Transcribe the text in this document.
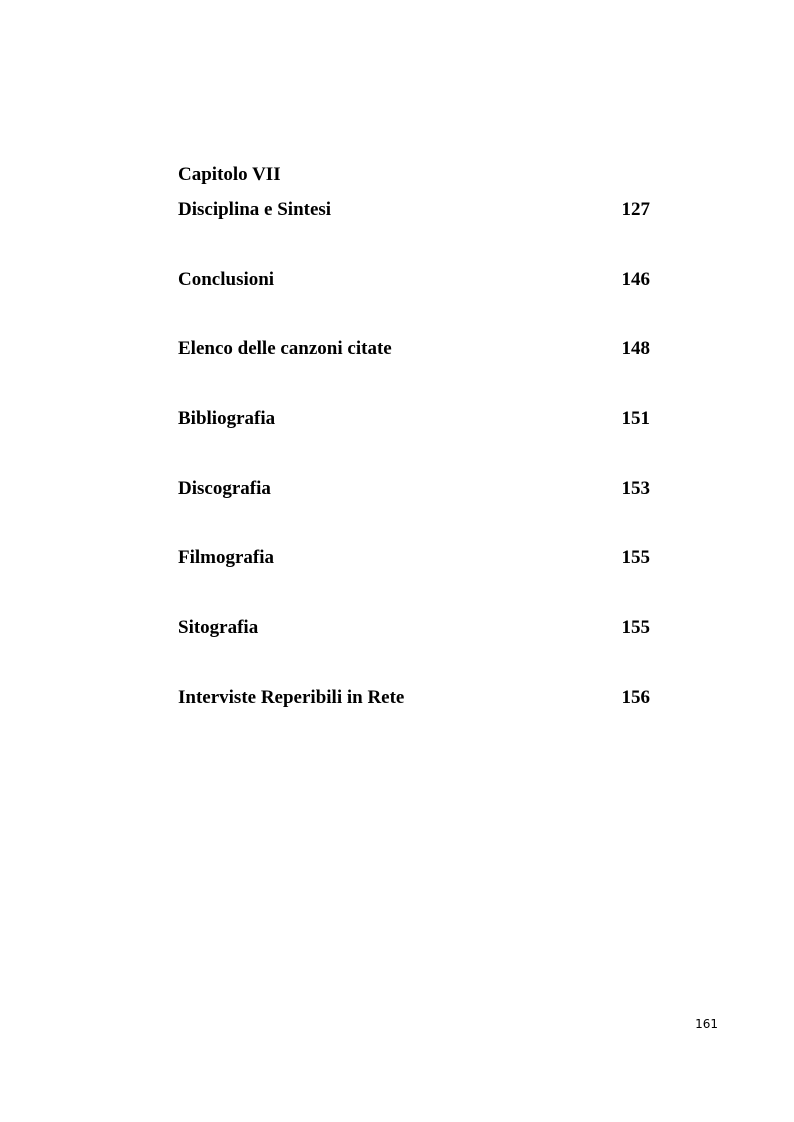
Capitolo VII
Disciplina e Sintesi	127
Conclusioni	146
Elenco delle canzoni citate	148
Bibliografia	151
Discografia	153
Filmografia	155
Sitografia	155
Interviste Reperibili in Rete	156
161
